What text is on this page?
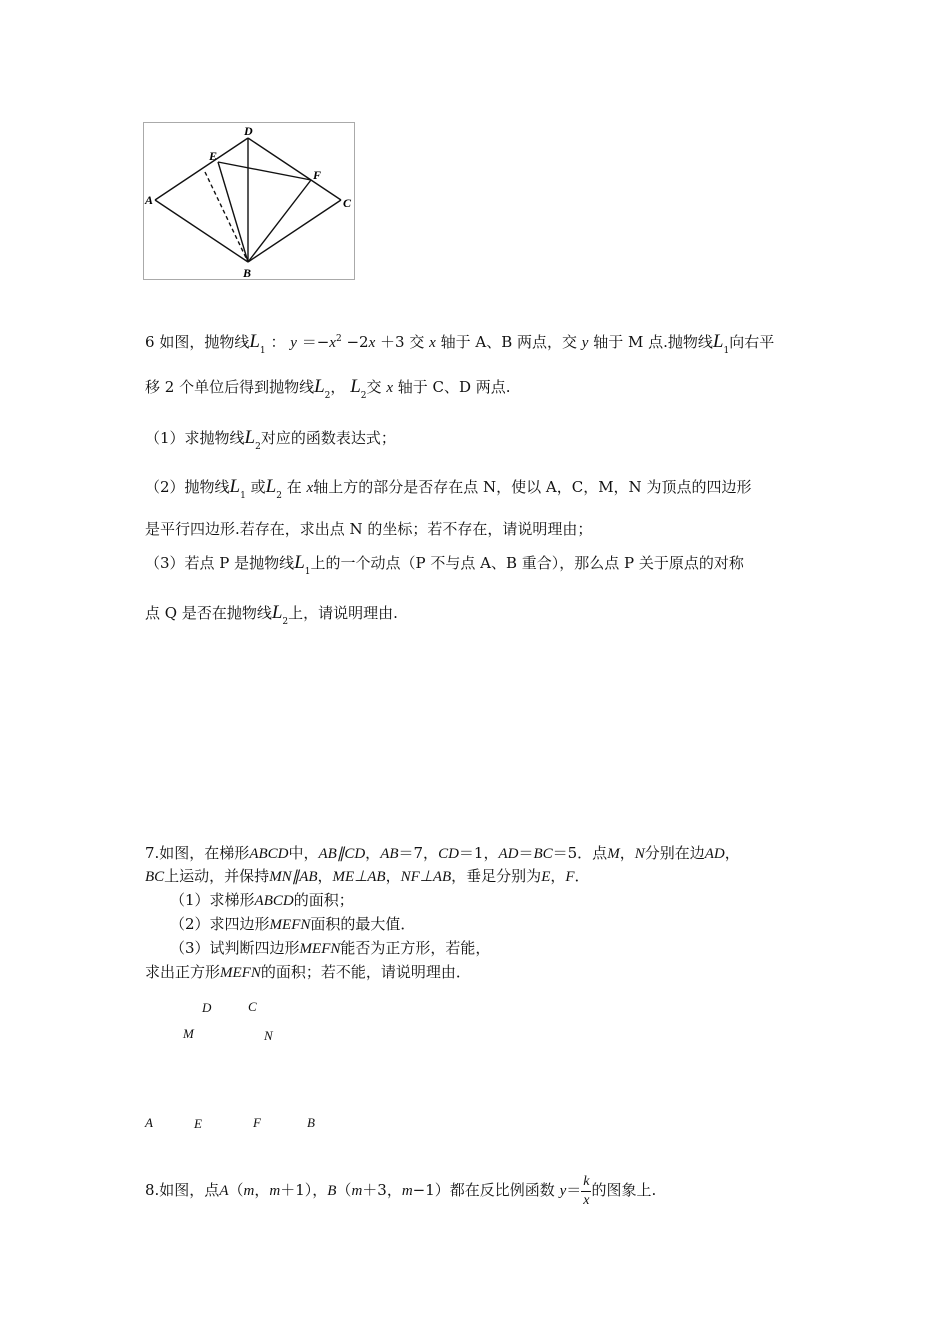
A
B
C
D
E
F
6 如图，抛物线$L_1$ ： $y =-x^2 -2x +3$ 交 x 轴于 A、B 两点，交 y 轴于 M 点.抛物线$L_1$向右平
移 2 个单位后得到抛物线$L_2$， $L_2$交 x 轴于 C、D 两点.
（1）求抛物线$L_2$对应的函数表达式；
（2）抛物线$L_1$ 或$L_2$ 在 x轴上方的部分是否存在点 N，使以 A，C，M，N 为顶点的四边形
是平行四边形.若存在，求出点 N 的坐标；若不存在，请说明理由；
（3）若点 P 是抛物线$L_1$上的一个动点（P 不与点 A、B 重合），那么点 P 关于原点的对称
点 Q 是否在抛物线$L_2$上，请说明理由.
7.如图，在梯形ABCD中，AB∥CD，AB＝7，CD＝1，AD＝BC＝5．点M，N分别在边AD，
BC上运动，并保持MN∥AB，ME⊥AB，NF⊥AB，垂足分别为E，F．
（1）求梯形ABCD的面积；
（2）求四边形MEFN面积的最大值．
（3）试判断四边形MEFN能否为正方形，若能，
求出正方形MEFN的面积；若不能，请说明理由．
D	C
M	N
A	E	F	B
8.如图，点A（m，m＋1），B（m＋3，m−1）都在反比例函数 $y= \frac{k}{x}$ 的图象上.
